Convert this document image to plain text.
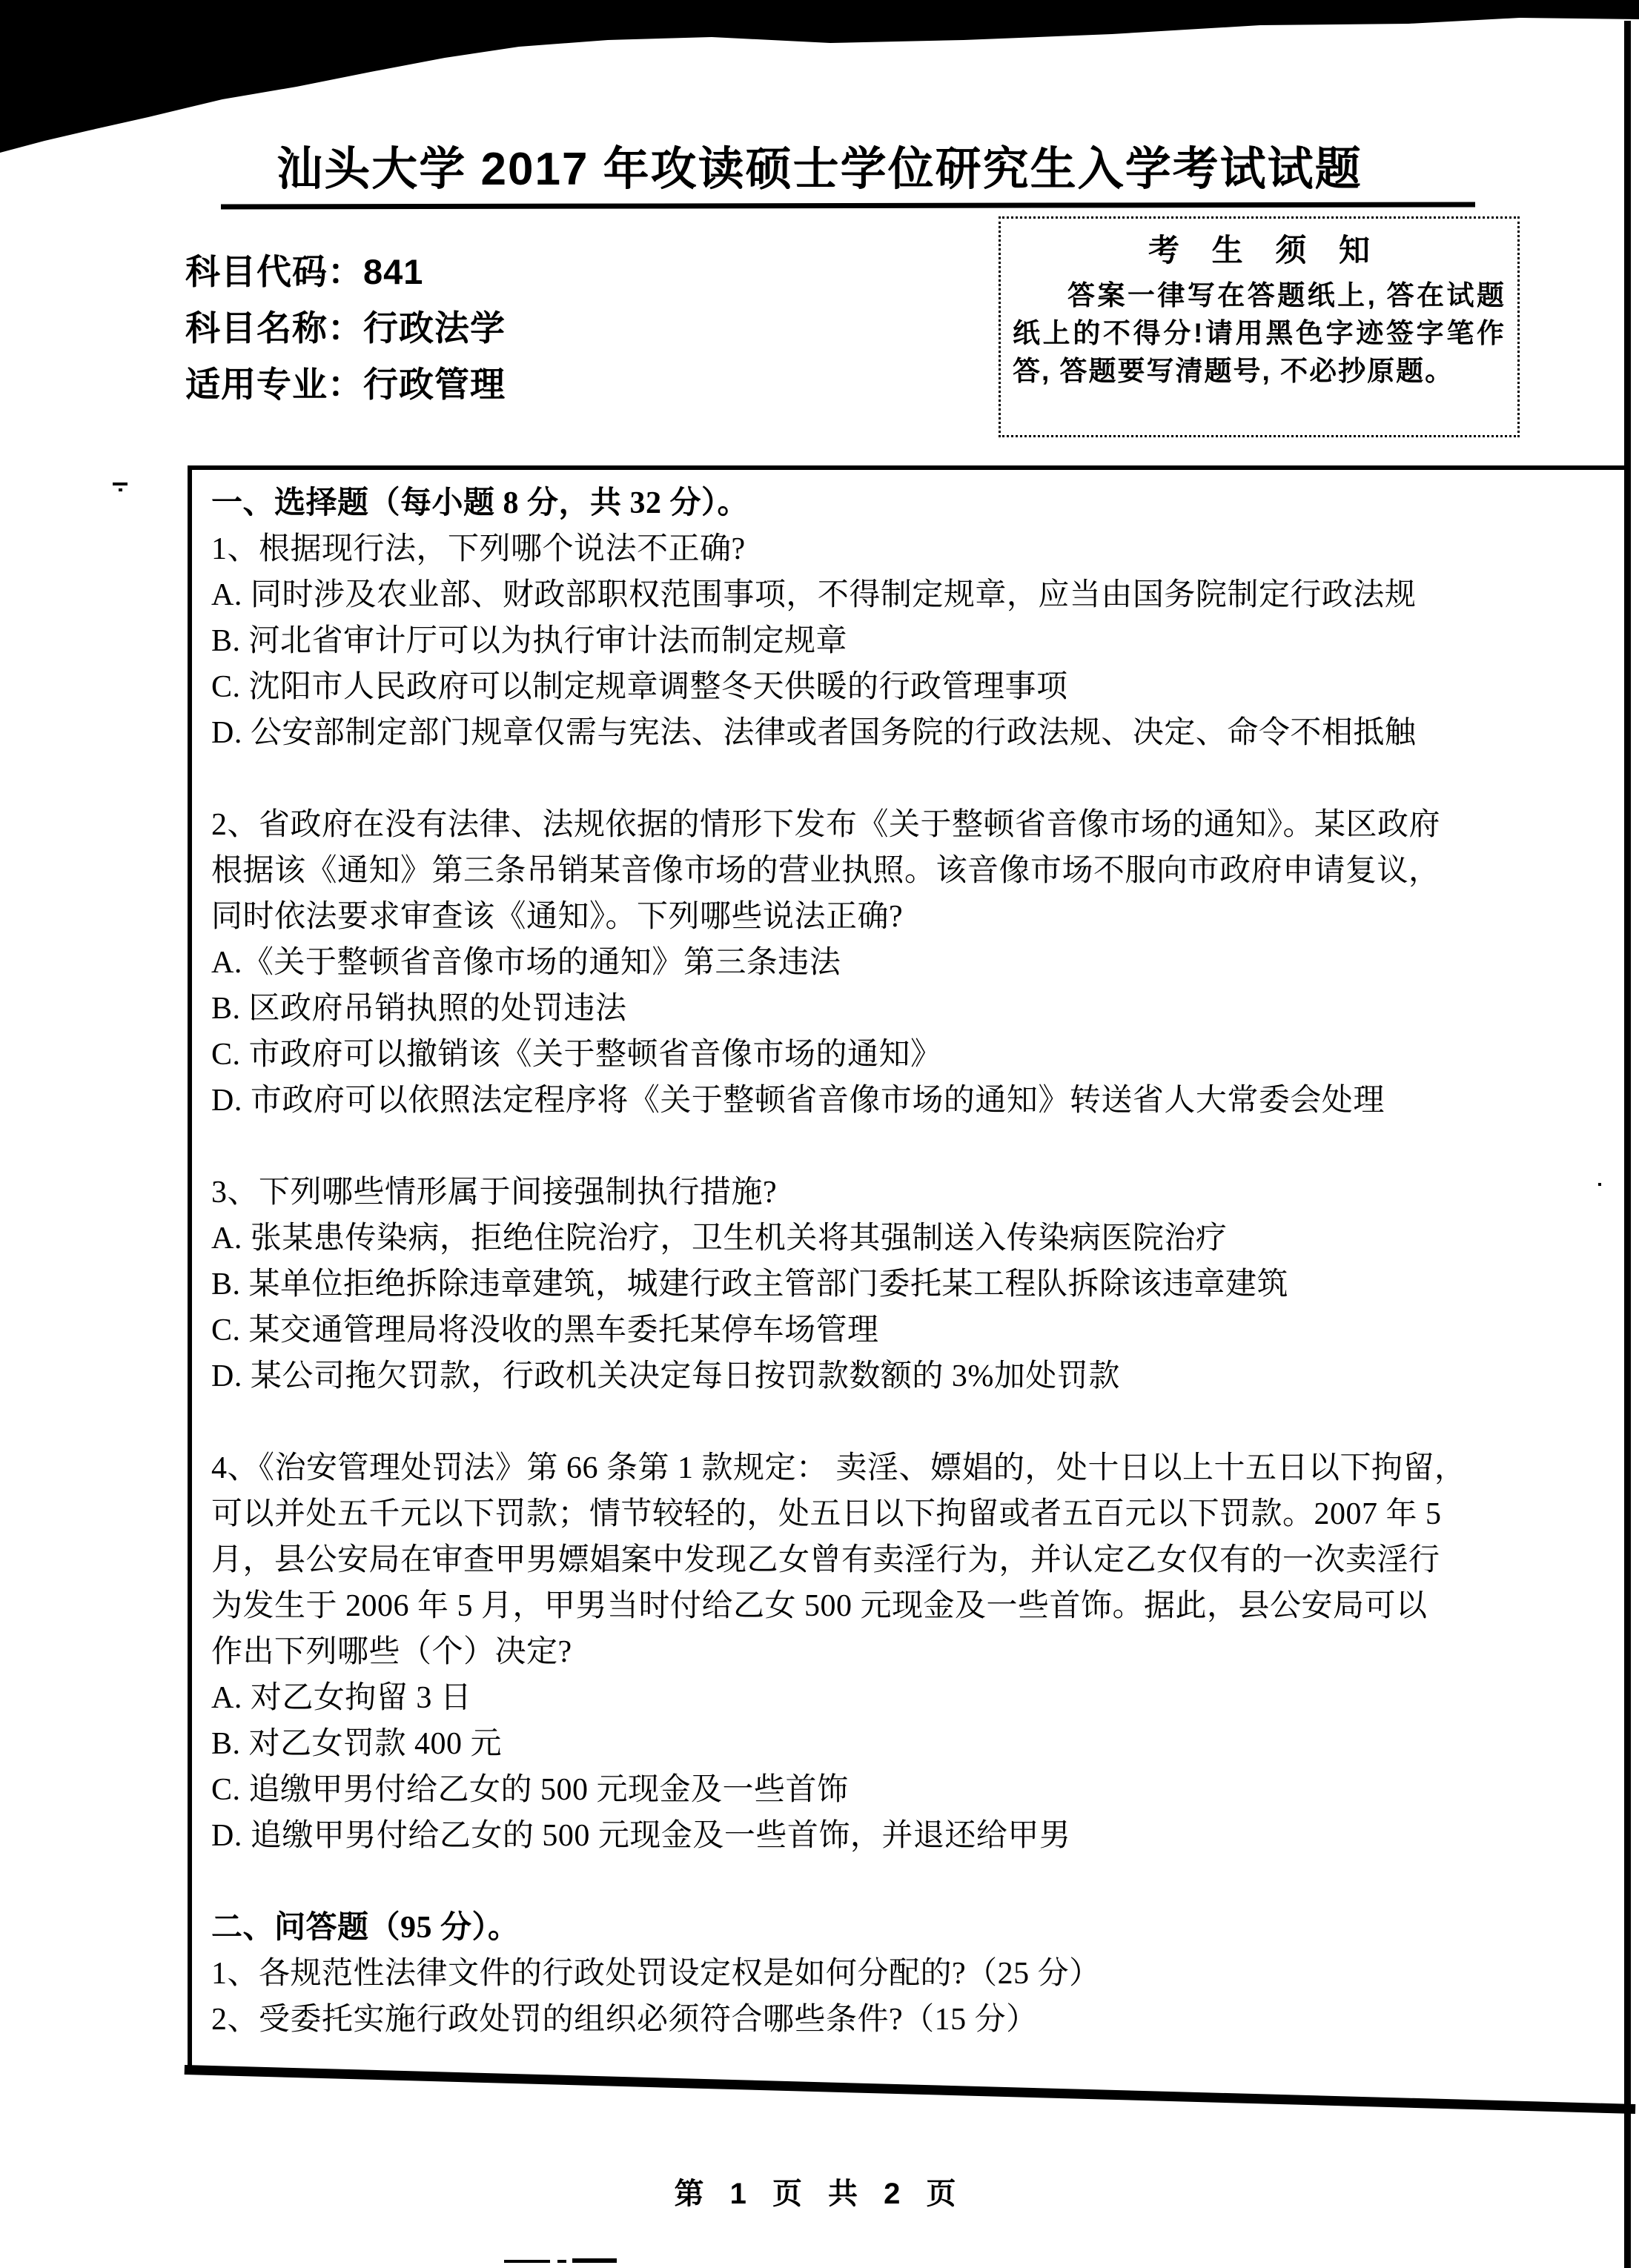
汕头大学 2017 年攻读硕士学位研究生入学考试试题
科目代码：841
科目名称：行政法学
适用专业：行政管理
考 生 须 知

答案一律写在答题纸上, 答在试题纸上的不得分!请用黑色字迹签字笔作答, 答题要写清题号, 不必抄原题。

一、选择题（每小题 8 分，共 32 分）。

1、根据现行法，下列哪个说法不正确?

A. 同时涉及农业部、财政部职权范围事项，不得制定规章，应当由国务院制定行政法规

B. 河北省审计厅可以为执行审计法而制定规章

C. 沈阳市人民政府可以制定规章调整冬天供暖的行政管理事项

D. 公安部制定部门规章仅需与宪法、法律或者国务院的行政法规、决定、命令不相抵触

2、省政府在没有法律、法规依据的情形下发布《关于整顿省音像市场的通知》。某区政府

根据该《通知》第三条吊销某音像市场的营业执照。该音像市场不服向市政府申请复议，

同时依法要求审查该《通知》。下列哪些说法正确?

A.《关于整顿省音像市场的通知》第三条违法

B. 区政府吊销执照的处罚违法

C. 市政府可以撤销该《关于整顿省音像市场的通知》

D. 市政府可以依照法定程序将《关于整顿省音像市场的通知》转送省人大常委会处理

3、下列哪些情形属于间接强制执行措施?

A. 张某患传染病，拒绝住院治疗，卫生机关将其强制送入传染病医院治疗

B. 某单位拒绝拆除违章建筑，城建行政主管部门委托某工程队拆除该违章建筑

C. 某交通管理局将没收的黑车委托某停车场管理

D. 某公司拖欠罚款，行政机关决定每日按罚款数额的 3%加处罚款

4、《治安管理处罚法》第 66 条第 1 款规定： 卖淫、嫖娼的，处十日以上十五日以下拘留，

可以并处五千元以下罚款；情节较轻的，处五日以下拘留或者五百元以下罚款。2007 年 5

月，县公安局在审查甲男嫖娼案中发现乙女曾有卖淫行为，并认定乙女仅有的一次卖淫行

为发生于 2006 年 5 月，甲男当时付给乙女 500 元现金及一些首饰。据此，县公安局可以

作出下列哪些（个）决定?

A. 对乙女拘留 3 日

B. 对乙女罚款 400 元

C. 追缴甲男付给乙女的 500 元现金及一些首饰

D. 追缴甲男付给乙女的 500 元现金及一些首饰，并退还给甲男

二、问答题（95 分）。

1、各规范性法律文件的行政处罚设定权是如何分配的?（25 分）

2、受委托实施行政处罚的组织必须符合哪些条件?（15 分）

第 1 页 共 2 页
